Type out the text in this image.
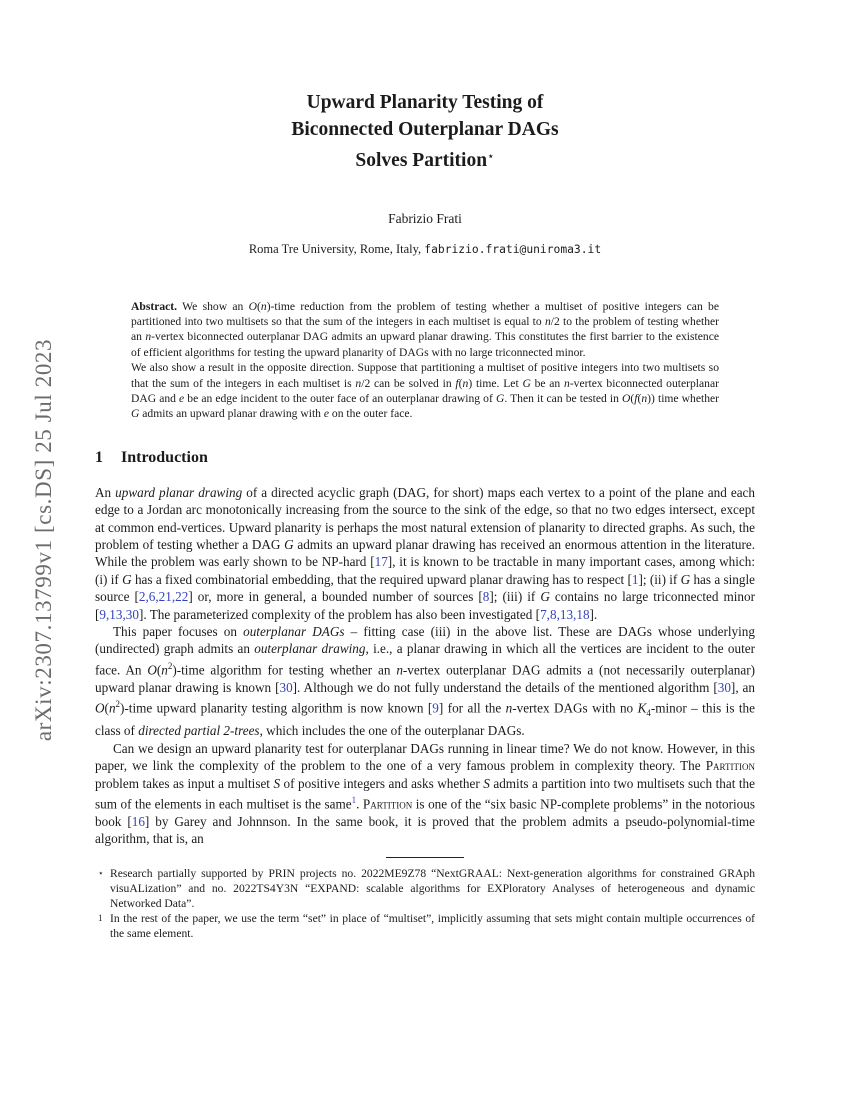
arXiv:2307.13799v1 [cs.DS] 25 Jul 2023
Upward Planarity Testing of
Biconnected Outerplanar DAGs
Solves Partition⋆
Fabrizio Frati
Roma Tre University, Rome, Italy, fabrizio.frati@uniroma3.it

Abstract. We show an O(n)-time reduction from the problem of testing whether a multiset of positive integers can be partitioned into two multisets so that the sum of the integers in each multiset is equal to n/2 to the problem of testing whether an n-vertex biconnected outerplanar DAG admits an upward planar drawing. This constitutes the first barrier to the existence of efficient algorithms for testing the upward planarity of DAGs with no large triconnected minor.

We also show a result in the opposite direction. Suppose that partitioning a multiset of positive integers into two multisets so that the sum of the integers in each multiset is n/2 can be solved in f(n) time. Let G be an n-vertex biconnected outerplanar DAG and e be an edge incident to the outer face of an outerplanar drawing of G. Then it can be tested in O(f(n)) time whether G admits an upward planar drawing with e on the outer face.

1 Introduction

An upward planar drawing of a directed acyclic graph (DAG, for short) maps each vertex to a point of the plane and each edge to a Jordan arc monotonically increasing from the source to the sink of the edge, so that no two edges intersect, except at common end-vertices. Upward planarity is perhaps the most natural extension of planarity to directed graphs. As such, the problem of testing whether a DAG G admits an upward planar drawing has received an enormous attention in the literature. While the problem was early shown to be NP-hard [17], it is known to be tractable in many important cases, among which: (i) if G has a fixed combinatorial embedding, that the required upward planar drawing has to respect [1]; (ii) if G has a single source [2,6,21,22] or, more in general, a bounded number of sources [8]; (iii) if G contains no large triconnected minor [9,13,30]. The parameterized complexity of the problem has also been investigated [7,8,13,18].

This paper focuses on outerplanar DAGs – fitting case (iii) in the above list. These are DAGs whose underlying (undirected) graph admits an outerplanar drawing, i.e., a planar drawing in which all the vertices are incident to the outer face. An $O(n^2)$-time algorithm for testing whether an n-vertex outerplanar DAG admits a (not necessarily outerplanar) upward planar drawing is known [30]. Although we do not fully understand the details of the mentioned algorithm [30], an $O(n^2)$-time upward planarity testing algorithm is now known [9] for all the n-vertex DAGs with no $K_4$-minor – this is the class of directed partial 2-trees, which includes the one of the outerplanar DAGs.

Can we design an upward planarity test for outerplanar DAGs running in linear time? We do not know. However, in this paper, we link the complexity of the problem to the one of a very famous problem in complexity theory. The Partition problem takes as input a multiset S of positive integers and asks whether S admits a partition into two multisets such that the sum of the elements in each multiset is the same$^1$. Partition is one of the “six basic NP-complete problems” in the notorious book [16] by Garey and Johnnson. In the same book, it is proved that the problem admits a pseudo-polynomial-time algorithm, that is, an

⋆ Research partially supported by PRIN projects no. 2022ME9Z78 “NextGRAAL: Next-generation algorithms for constrained GRAph visuALization” and no. 2022TS4Y3N “EXPAND: scalable algorithms for EXPloratory Analyses of heterogeneous and dynamic Networked Data”.

1 In the rest of the paper, we use the term “set” in place of “multiset”, implicitly assuming that sets might contain multiple occurrences of the same element.
